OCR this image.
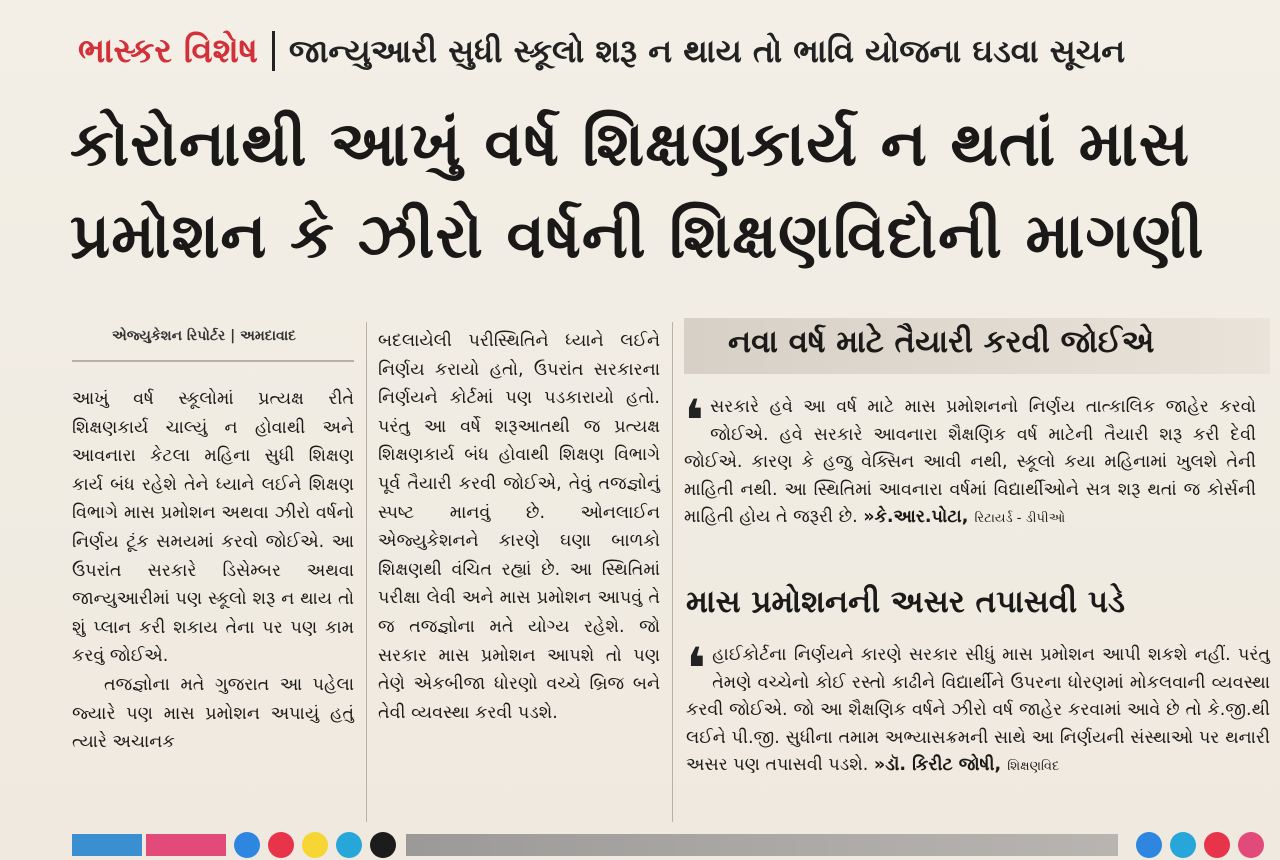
ભાસ્કર વિશેષ જાન્યુઆરી સુધી સ્કૂલો શરૂ ન થાય તો ભાવિ યોજના ઘડવા સૂચન
કોરોનાથી આખું વર્ષ શિક્ષણકાર્ય ન થતાં માસ
પ્રમોશન કે ઝીરો વર્ષની શિક્ષણવિદોની માગણી
એજ્યુકેશન રિપોર્ટર | અમદાવાદ

આખું વર્ષ સ્કૂલોમાં પ્રત્યક્ષ રીતે શિક્ષણકાર્ય ચાલ્યું ન હોવાથી અને આવનારા કેટલા મહિના સુધી શિક્ષણ કાર્ય બંધ રહેશે તેને ધ્યાને લઈને શિક્ષણ વિભાગે માસ પ્રમોશન અથવા ઝીરો વર્ષનો નિર્ણય ટૂંક સમયમાં કરવો જોઈએ. આ ઉપરાંત સરકારે ડિસેમ્બર અથવા જાન્યુઆરીમાં પણ સ્કૂલો શરૂ ન થાય તો શું પ્લાન કરી શકાય તેના પર પણ કામ કરવું જોઈએ.

તજજ્ઞોના મતે ગુજરાત આ પહેલા જ્યારે પણ માસ પ્રમોશન અપાયું હતું ત્યારે અચાનક

બદલાયેલી પરીસ્થિતિને ધ્યાને લઈને નિર્ણય કરાયો હતો, ઉપરાંત સરકારના નિર્ણયને કોર્ટમાં પણ પડકારાયો હતો. પરંતુ આ વર્ષે શરૂઆતથી જ પ્રત્યક્ષ શિક્ષણકાર્ય બંધ હોવાથી શિક્ષણ વિભાગે પૂર્વ તૈયારી કરવી જોઈએ, તેવું તજજ્ઞોનું સ્પષ્ટ માનવું છે. ઓનલાઈન એજ્યુકેશનને કારણે ઘણા બાળકો શિક્ષણથી વંચિત રહ્યાં છે. આ સ્થિતિમાં પરીક્ષા લેવી અને માસ પ્રમોશન આપવું તે જ તજજ્ઞોના મતે યોગ્ય રહેશે. જો સરકાર માસ પ્રમોશન આપશે તો પણ તેણે એકબીજા ધોરણો વચ્ચે બ્રિજ બને તેવી વ્યવસ્થા કરવી પડશે.

નવા વર્ષ માટે તૈયારી કરવી જોઈએ
❛ સરકારે હવે આ વર્ષ માટે માસ પ્રમોશનનો નિર્ણય તાત્કાલિક જાહેર કરવો જોઈએ. હવે સરકારે આવનારા શૈક્ષણિક વર્ષ માટેની તૈયારી શરૂ કરી દેવી જોઈએ. કારણ કે હજુ વેક્સિન આવી નથી, સ્કૂલો કયા મહિનામાં ખુલશે તેની માહિતી નથી. આ સ્થિતિમાં આવનારા વર્ષમાં વિદ્યાર્થીઓને સત્ર શરૂ થતાં જ કોર્સની માહિતી હોય તે જરૂરી છે. »કે.આર.પોટા, રિટાયર્ડ - ડીપીઓ
માસ પ્રમોશનની અસર તપાસવી પડે
❛ હાઈકોર્ટના નિર્ણયને કારણે સરકાર સીધું માસ પ્રમોશન આપી શકશે નહીં. પરંતુ તેમણે વચ્ચેનો કોઈ રસ્તો કાઢીને વિદ્યાર્થીને ઉપરના ધોરણમાં મોકલવાની વ્યવસ્થા કરવી જોઈએ. જો આ શૈક્ષણિક વર્ષને ઝીરો વર્ષ જાહેર કરવામાં આવે છે તો કે.જી.થી લઈને પી.જી. સુધીના તમામ અભ્યાસક્રમની સાથે આ નિર્ણયની સંસ્થાઓ પર થનારી અસર પણ તપાસવી પડશે. »ડૉ. કિરીટ જોષી, શિક્ષણવિદ
